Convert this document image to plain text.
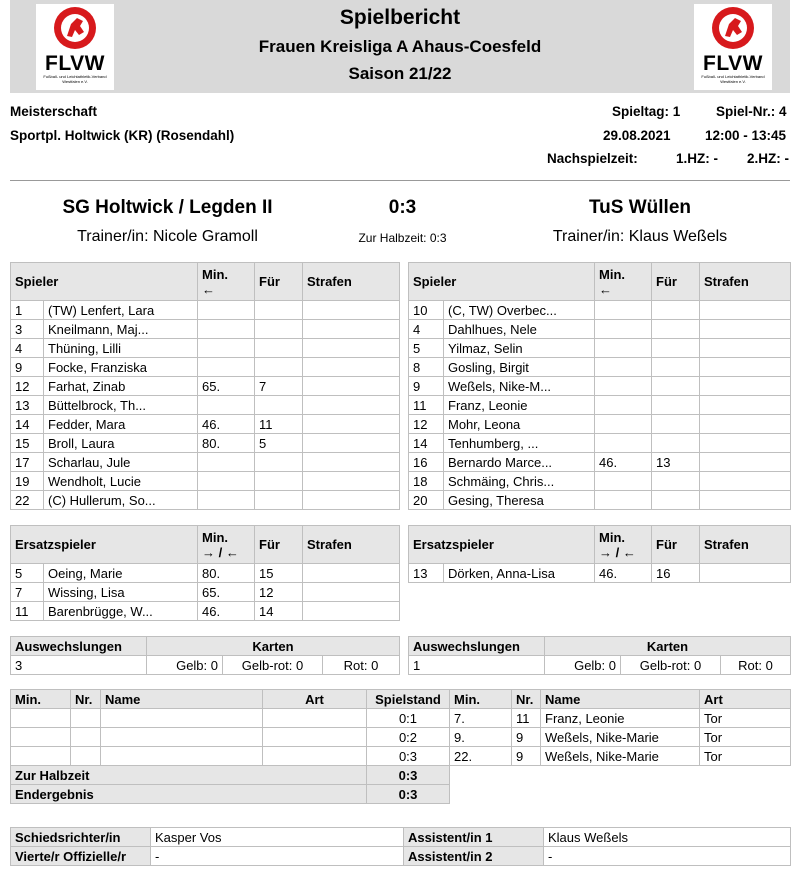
FLVW
Fußball- und Leichtathletik-Verband Westfalen e.V.
FLVW
Fußball- und Leichtathletik-Verband Westfalen e.V.
Spielbericht
Frauen Kreisliga A Ahaus-Coesfeld
Saison 21/22
Meisterschaft
Sportpl. Holtwick (KR) (Rosendahl)
Spieltag: 1	Spiel-Nr.: 4
29.08.2021	12:00 - 13:45
Nachspielzeit:	1.HZ: - 2.HZ: -
SG Holtwick / Legden II	0:3	TuS Wüllen
Trainer/in: Nicole Gramoll	Zur Halbzeit: 0:3	Trainer/in: Klaus Weßels
Spieler		Min.
←	Für	Strafen
1	(TW) Lenfert, Lara			
3	Kneilmann, Maj...			
4	Thüning, Lilli			
9	Focke, Franziska			
12	Farhat, Zinab	65.	7	
13	Büttelbrock, Th...			
14	Fedder, Mara	46.	11	
15	Broll, Laura	80.	5	
17	Scharlau, Jule			
19	Wendholt, Lucie			
22	(C) Hullerum, So...			
Spieler		Min.
←	Für	Strafen
10	(C, TW) Overbec...			
4	Dahlhues, Nele			
5	Yilmaz, Selin			
8	Gosling, Birgit			
9	Weßels, Nike-M...			
11	Franz, Leonie			
12	Mohr, Leona			
14	Tenhumberg, ...			
16	Bernardo Marce...	46.	13	
18	Schmäing, Chris...			
20	Gesing, Theresa			
Ersatzspieler		Min.
→ / ←	Für	Strafen
5	Oeing, Marie	80.	15	
7	Wissing, Lisa	65.	12	
11	Barenbrügge, W...	46.	14	
Ersatzspieler		Min.
→ / ←	Für	Strafen
13	Dörken, Anna-Lisa	46.	16	
Auswechslungen	Karten		
3	Gelb: 0	Gelb-rot: 0	Rot: 0
Auswechslungen	Karten		
1	Gelb: 0	Gelb-rot: 0	Rot: 0
Min.	Nr.	Name	Art	Spielstand	Min.	Nr.	Name	Art
				0:1	7.	11	Franz, Leonie	Tor
				0:2	9.	9	Weßels, Nike-Marie	Tor
				0:3	22.	9	Weßels, Nike-Marie	Tor
Zur Halbzeit				0:3				
Endergebnis				0:3				
Schiedsrichter/in	Kasper Vos	Assistent/in 1	Klaus Weßels
Vierte/r Offizielle/r	-	Assistent/in 2	-
